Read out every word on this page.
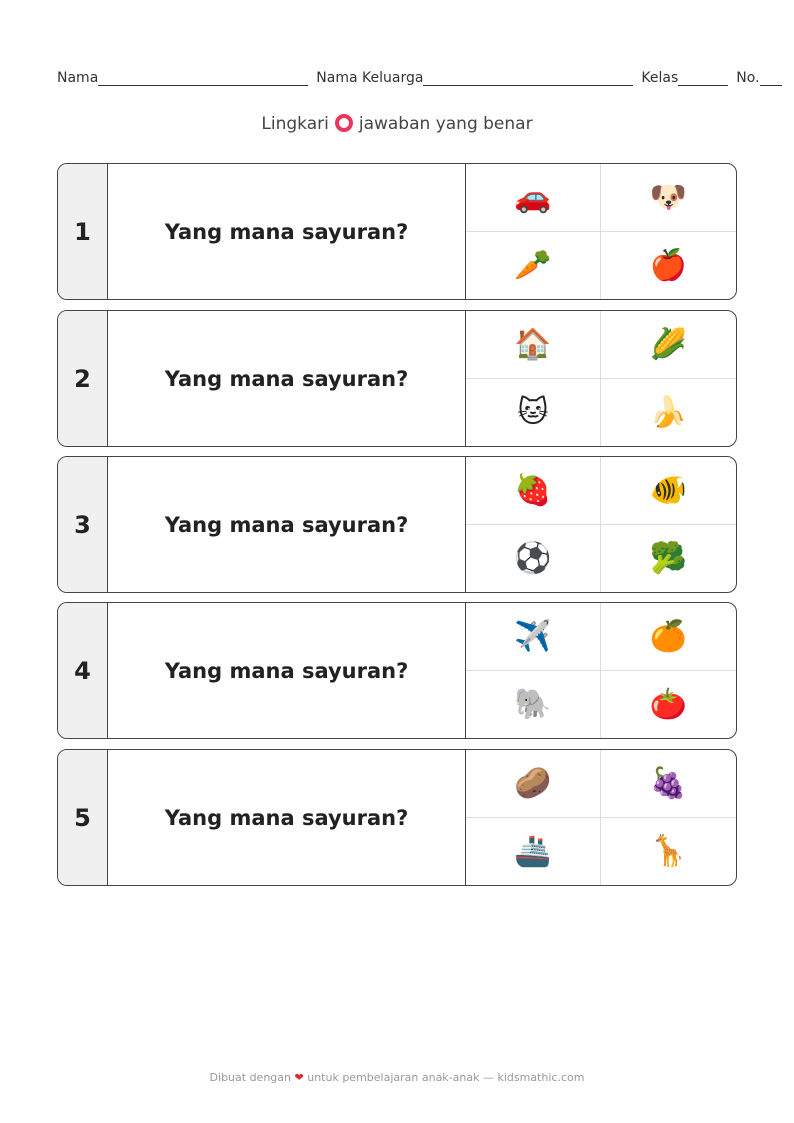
Nama	Nama Keluarga	Kelas	No.
Lingkari jawaban yang benar
1	Yang mana sayuran?
🚗	🐶
🥕	🍎
2	Yang mana sayuran?
🏠	🌽
🐱	🍌
3	Yang mana sayuran?
🍓	🐠
⚽	🥦
4	Yang mana sayuran?
✈️	🍊
🐘	🍅
5	Yang mana sayuran?
🥔	🍇
🚢	🦒
Dibuat dengan ❤ untuk pembelajaran anak-anak — kidsmathic.com
